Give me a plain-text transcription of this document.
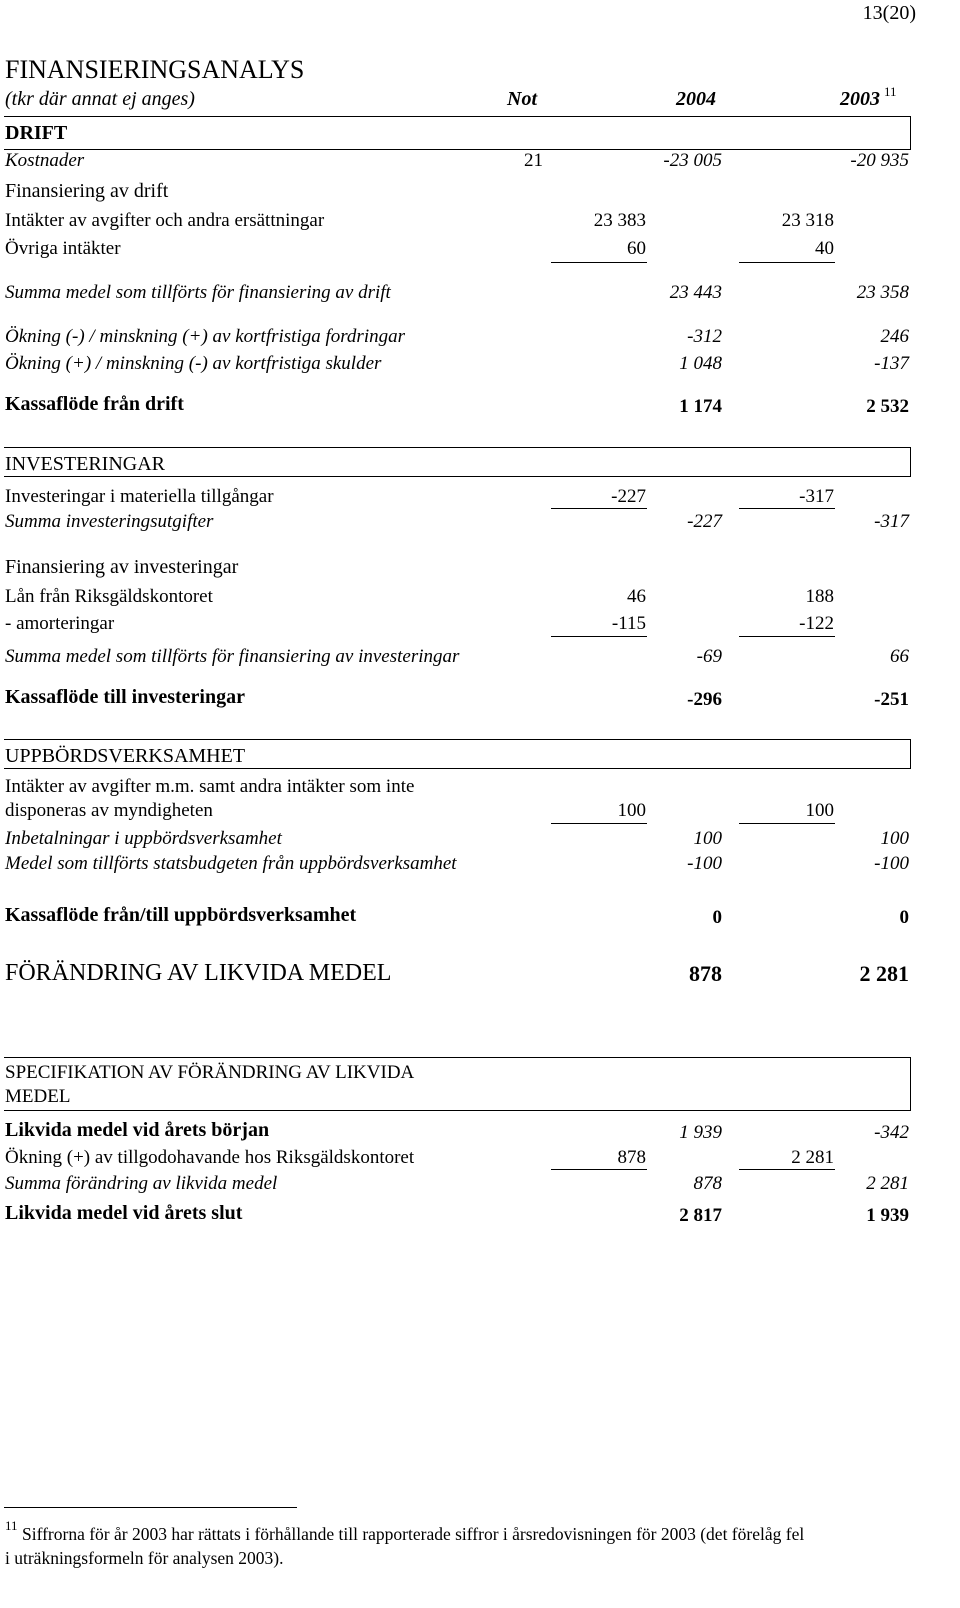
13(20)
FINANSIERINGSANALYS
(tkr där annat ej anges)	Not	2004	2003 11
DRIFT
Kostnader	21	-23 005	-20 935
Finansiering av drift
Intäkter av avgifter och andra ersättningar	23 383	23 318
Övriga intäkter	60	40
Summa medel som tillförts för finansiering av drift	23 443	23 358
Ökning (-) / minskning (+) av kortfristiga fordringar	-312	246
Ökning (+) / minskning (-) av kortfristiga skulder	1 048	-137
Kassaflöde från drift	1 174	2 532
INVESTERINGAR
Investeringar i materiella tillgångar	-227	-317
Summa investeringsutgifter	-227	-317
Finansiering av investeringar
Lån från Riksgäldskontoret	46	188
- amorteringar	-115	-122
Summa medel som tillförts för finansiering av investeringar	-69	66
Kassaflöde till investeringar	-296	-251
UPPBÖRDSVERKSAMHET
Intäkter av avgifter m.m. samt andra intäkter som inte
disponeras av myndigheten	100	100
Inbetalningar i uppbördsverksamhet	100	100
Medel som tillförts statsbudgeten från uppbördsverksamhet	-100	-100
Kassaflöde från/till uppbördsverksamhet	0	0
FÖRÄNDRING AV LIKVIDA MEDEL	878	2 281
SPECIFIKATION AV FÖRÄNDRING AV LIKVIDA
MEDEL
Likvida medel vid årets början	1 939	-342
Ökning (+) av tillgodohavande hos Riksgäldskontoret	878	2 281
Summa förändring av likvida medel	878	2 281
Likvida medel vid årets slut	2 817	1 939
11 Siffrorna för år 2003 har rättats i förhållande till rapporterade siffror i årsredovisningen för 2003 (det förelåg fel
i uträkningsformeln för analysen 2003).
